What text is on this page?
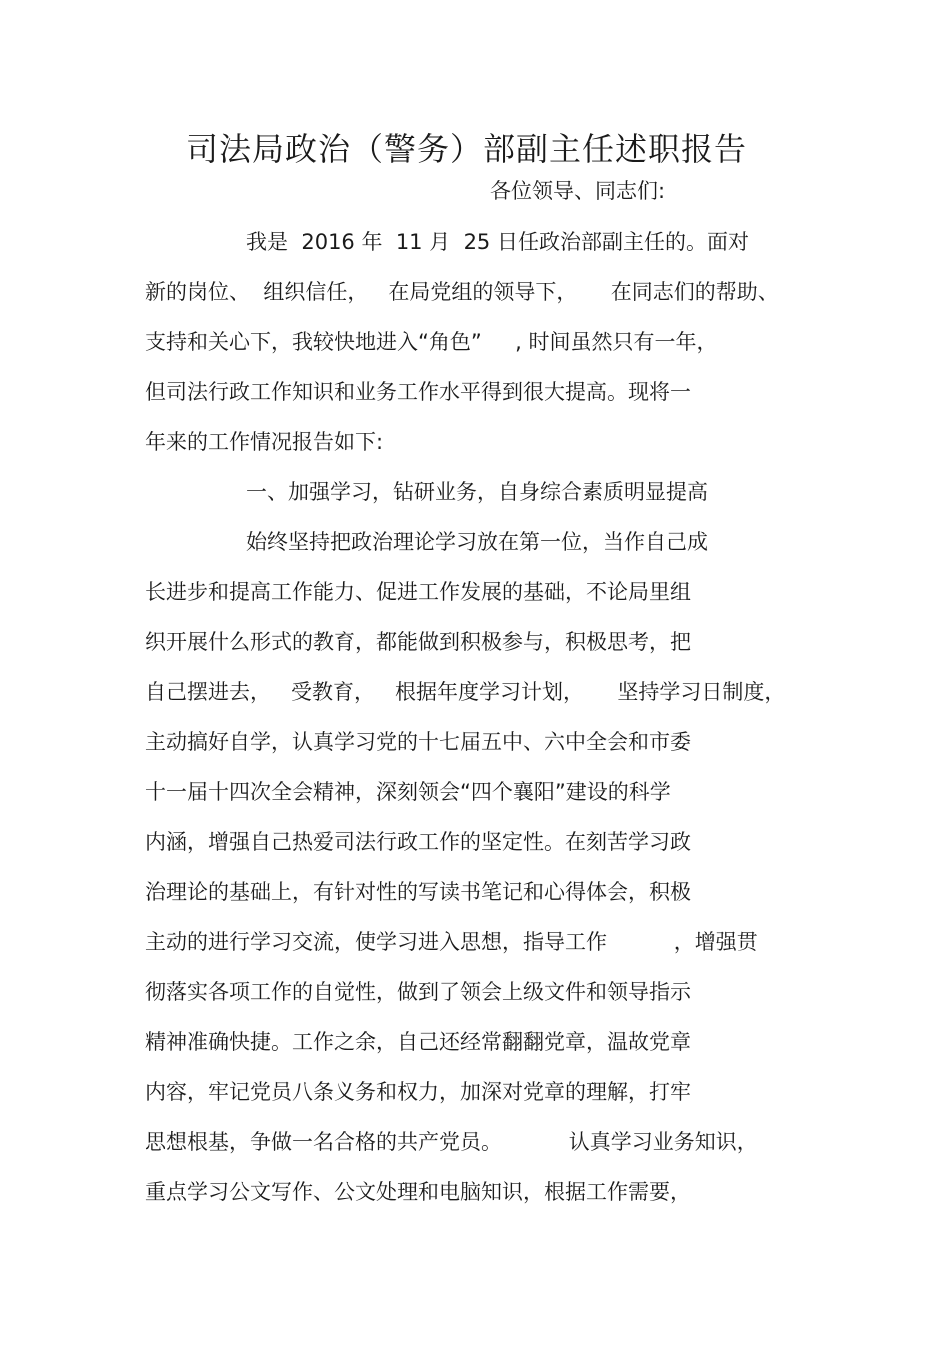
司法局政治（警务）部副主任述职报告
各位领导、同志们:
我是  2016 年  11 月  25 日任政治部副主任的。面对
新的岗位、  组织信任，   在局党组的领导下，     在同志们的帮助、
支持和关心下，我较快地进入“角色”     , 时间虽然只有一年，
但司法行政工作知识和业务工作水平得到很大提高。现将一
年来的工作情况报告如下:
一、加强学习，钻研业务，自身综合素质明显提高
始终坚持把政治理论学习放在第一位，当作自己成
长进步和提高工作能力、促进工作发展的基础，不论局里组
织开展什么形式的教育，都能做到积极参与，积极思考，把
自己摆进去，   受教育，   根据年度学习计划，     坚持学习日制度，
主动搞好自学，认真学习党的十七届五中、六中全会和市委
十一届十四次全会精神，深刻领会“四个襄阳”建设的科学
内涵，增强自己热爱司法行政工作的坚定性。在刻苦学习政
治理论的基础上，有针对性的写读书笔记和心得体会，积极
主动的进行学习交流，使学习进入思想，指导工作          ，增强贯
彻落实各项工作的自觉性，做到了领会上级文件和领导指示
精神准确快捷。工作之余，自己还经常翻翻党章，温故党章
内容，牢记党员八条义务和权力，加深对党章的理解，打牢
思想根基，争做一名合格的共产党员。          认真学习业务知识，
重点学习公文写作、公文处理和电脑知识，根据工作需要，
